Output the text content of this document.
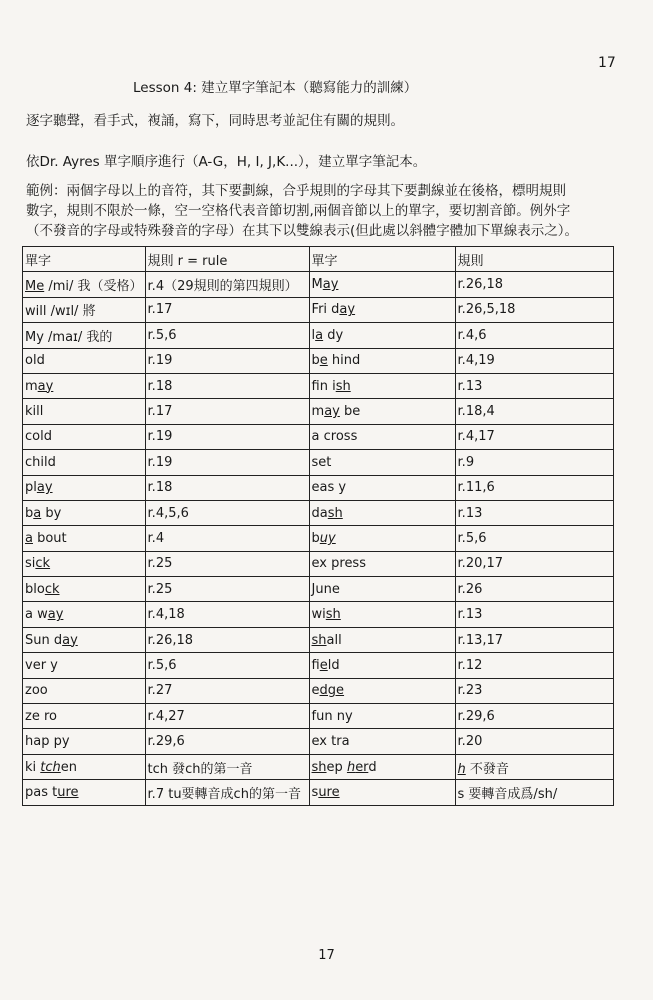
17
Lesson 4: 建立單字筆記本（聽寫能力的訓練）
逐字聽聲，看手式，複誦，寫下，同時思考並記住有關的規則。
依Dr. Ayres 單字順序進行（A-G，H, I, J,K...），建立單字筆記本。
範例：兩個字母以上的音符，其下要劃線，合乎規則的字母其下要劃線並在後格，標明規則
數字，規則不限於一條，空一空格代表音節切割,兩個音節以上的單字，要切割音節。例外字
（不發音的字母或特殊發音的字母）在其下以雙線表示(但此處以斜體字體加下單線表示之）。
單字	規則 r = rule	單字	規則
Me /mi/ 我（受格）	r.4（29規則的第四規則）	May	r.26,18
will /wɪl/ 將	r.17	Fri day	r.26,5,18
My /maɪ/ 我的	r.5,6	la dy	r.4,6
old	r.19	be hind	r.4,19
may	r.18	fin ish	r.13
kill	r.17	may be	r.18,4
cold	r.19	a cross	r.4,17
child	r.19	set	r.9
play	r.18	eas y	r.11,6
ba by	r.4,5,6	dash	r.13
a bout	r.4	buy	r.5,6
sick	r.25	ex press	r.20,17
block	r.25	June	r.26
a way	r.4,18	wish	r.13
Sun day	r.26,18	shall	r.13,17
ver y	r.5,6	field	r.12
zoo	r.27	edge	r.23
ze ro	r.4,27	fun ny	r.29,6
hap py	r.29,6	ex tra	r.20
ki tchen	tch 發ch的第一音	shep herd	h 不發音
pas ture	r.7 tu要轉音成ch的第一音	sure	s 要轉音成爲/sh/
17
